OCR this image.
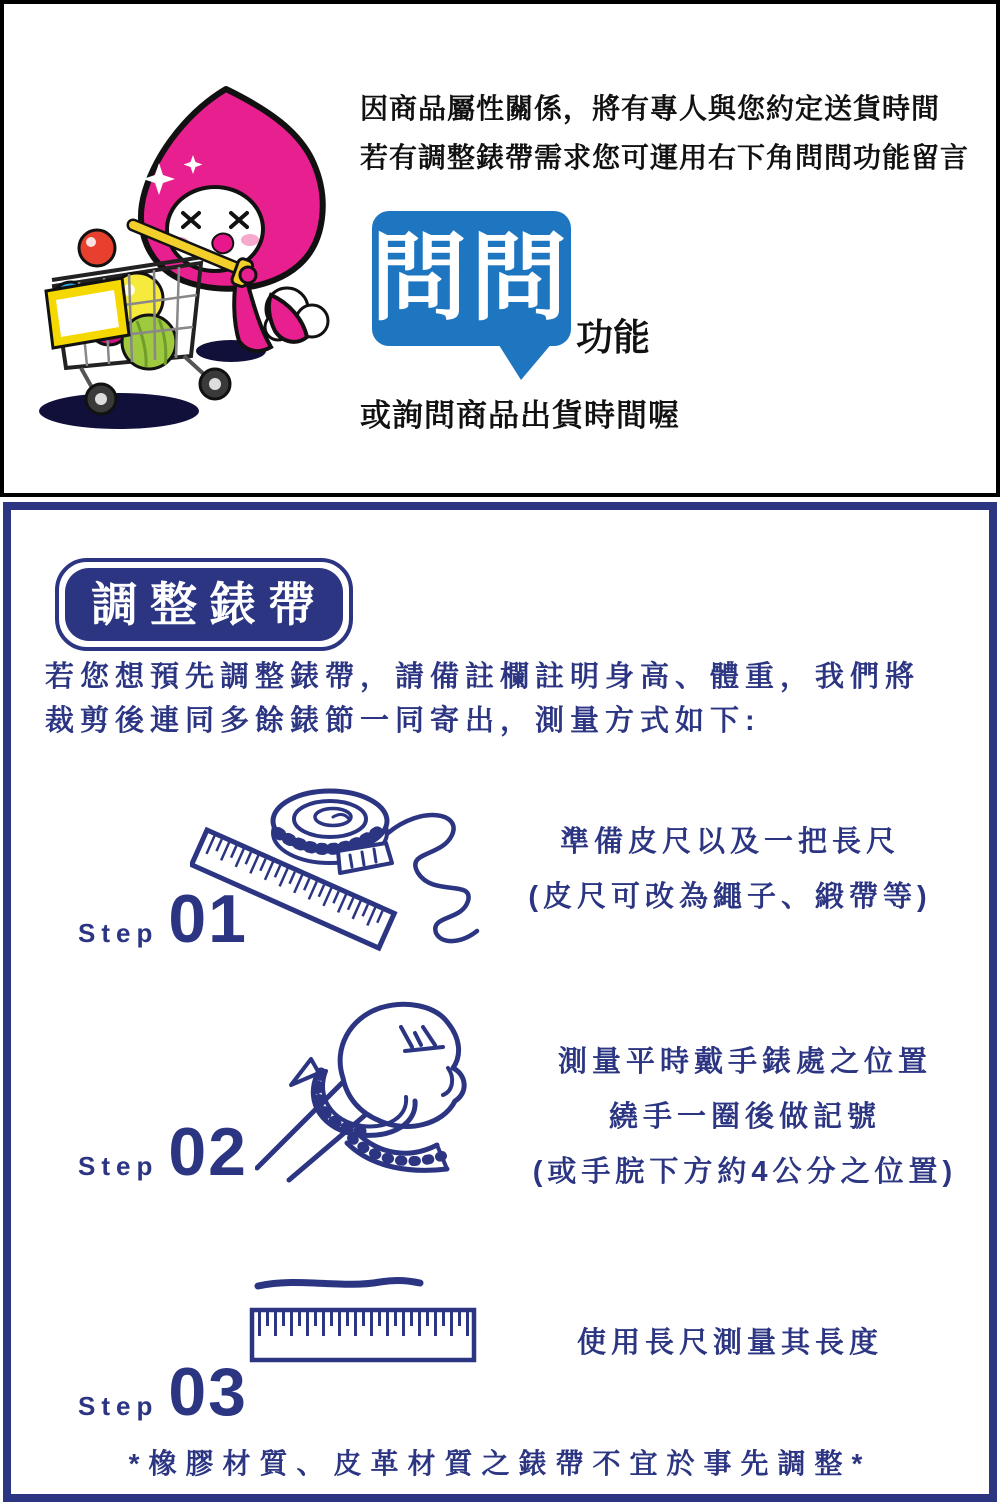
因商品屬性關係，將有專人與您約定送貨時間
若有調整錶帶需求您可運用右下角問問功能留言
問問
功能
或詢問商品出貨時間喔
調整錶帶
若您想預先調整錶帶，請備註欄註明身高、體重，我們將
裁剪後連同多餘錶節一同寄出，測量方式如下:
Step 01
準備皮尺以及一把長尺
(皮尺可改為繩子、緞帶等)
Step 02
測量平時戴手錶處之位置
繞手一圈後做記號
(或手脘下方約4公分之位置)
Step 03
使用長尺測量其長度
*橡膠材質、皮革材質之錶帶不宜於事先調整*
